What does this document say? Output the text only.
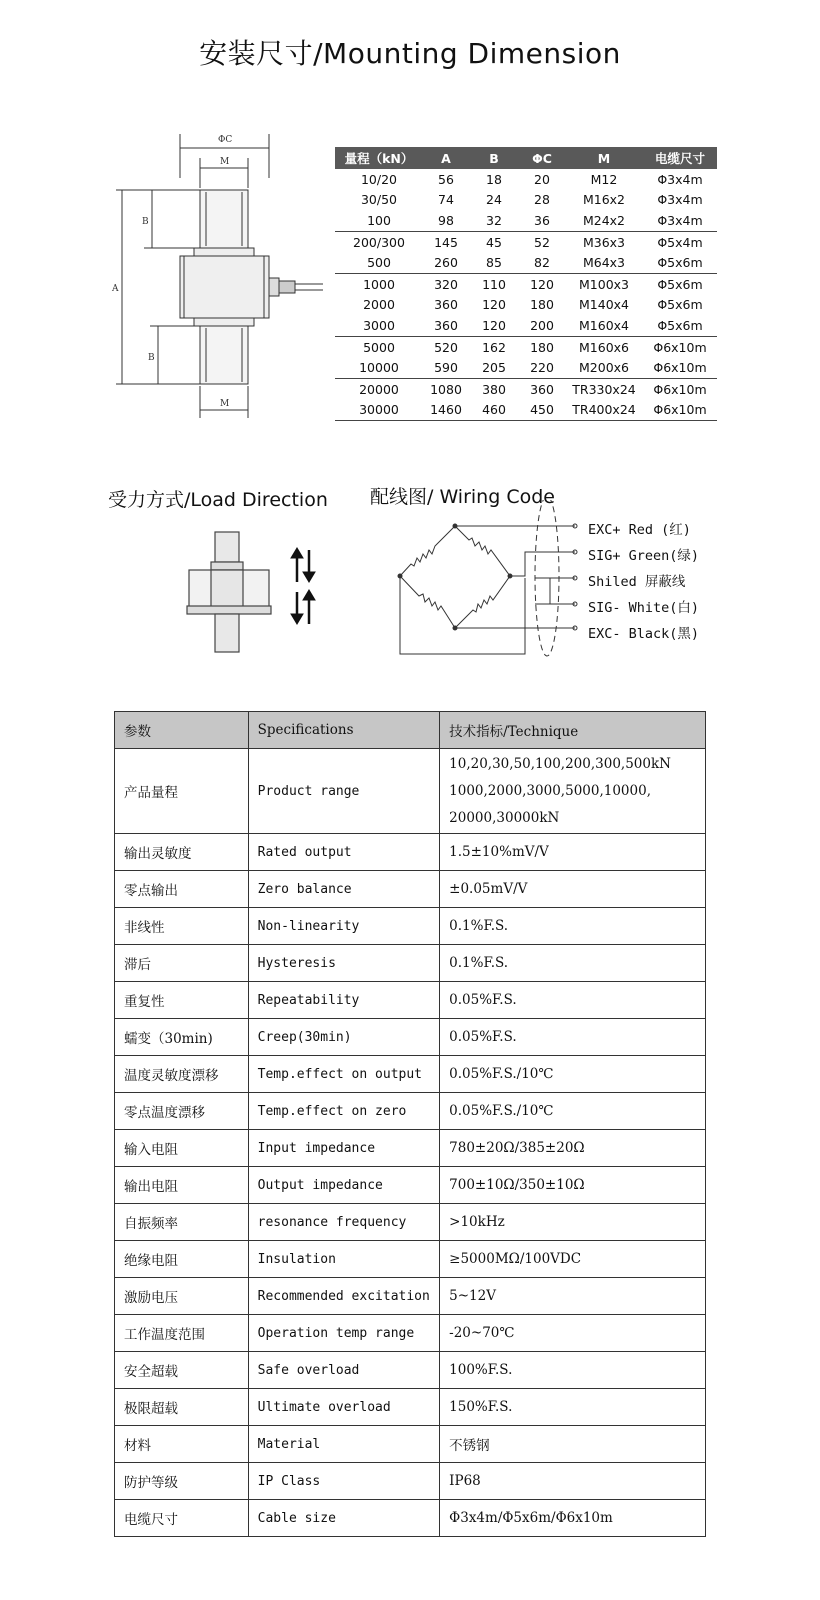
安装尺寸/Mounting Dimension
ΦC
M
M
B
A
B
量程（kN）	A	B	ΦC	M	电缆尺寸
10/20	56	18	20	M12	Φ3x4m
30/50	74	24	28	M16x2	Φ3x4m
100	98	32	36	M24x2	Φ3x4m
200/300	145	45	52	M36x3	Φ5x4m
500	260	85	82	M64x3	Φ5x6m
1000	320	110	120	M100x3	Φ5x6m
2000	360	120	180	M140x4	Φ5x6m
3000	360	120	200	M160x4	Φ5x6m
5000	520	162	180	M160x6	Φ6x10m
10000	590	205	220	M200x6	Φ6x10m
20000	1080	380	360	TR330x24	Φ6x10m
30000	1460	460	450	TR400x24	Φ6x10m
受力方式/Load Direction 配线图/ Wiring Code
EXC+ Red (红)
SIG+ Green(绿)
Shiled 屏蔽线
SIG- White(白)
EXC- Black(黑)
参数	Specifications	技术指标/Technique
产品量程	Product range	10,20,30,50,100,200,300,500kN
1000,2000,3000,5000,10000,
20000,30000kN

输出灵敏度	Rated output	1.5±10%mV/V
零点输出	Zero balance	±0.05mV/V
非线性	Non-linearity	0.1%F.S.
滞后	Hysteresis	0.1%F.S.
重复性	Repeatability	0.05%F.S.
蠕变（30min)	Creep(30min)	0.05%F.S.
温度灵敏度漂移	Temp.effect on output	0.05%F.S./10℃
零点温度漂移	Temp.effect on zero	0.05%F.S./10℃
输入电阻	Input impedance	780±20Ω/385±20Ω
输出电阻	Output impedance	700±10Ω/350±10Ω
自振频率	resonance frequency	>10kHz
绝缘电阻	Insulation	≥5000MΩ/100VDC
激励电压	Recommended excitation	5~12V
工作温度范围	Operation temp range	-20~70℃
安全超载	Safe overload	100%F.S.
极限超载	Ultimate overload	150%F.S.
材料	Material	不锈钢
防护等级	IP Class	IP68
电缆尺寸	Cable size	Φ3x4m/Φ5x6m/Φ6x10m
